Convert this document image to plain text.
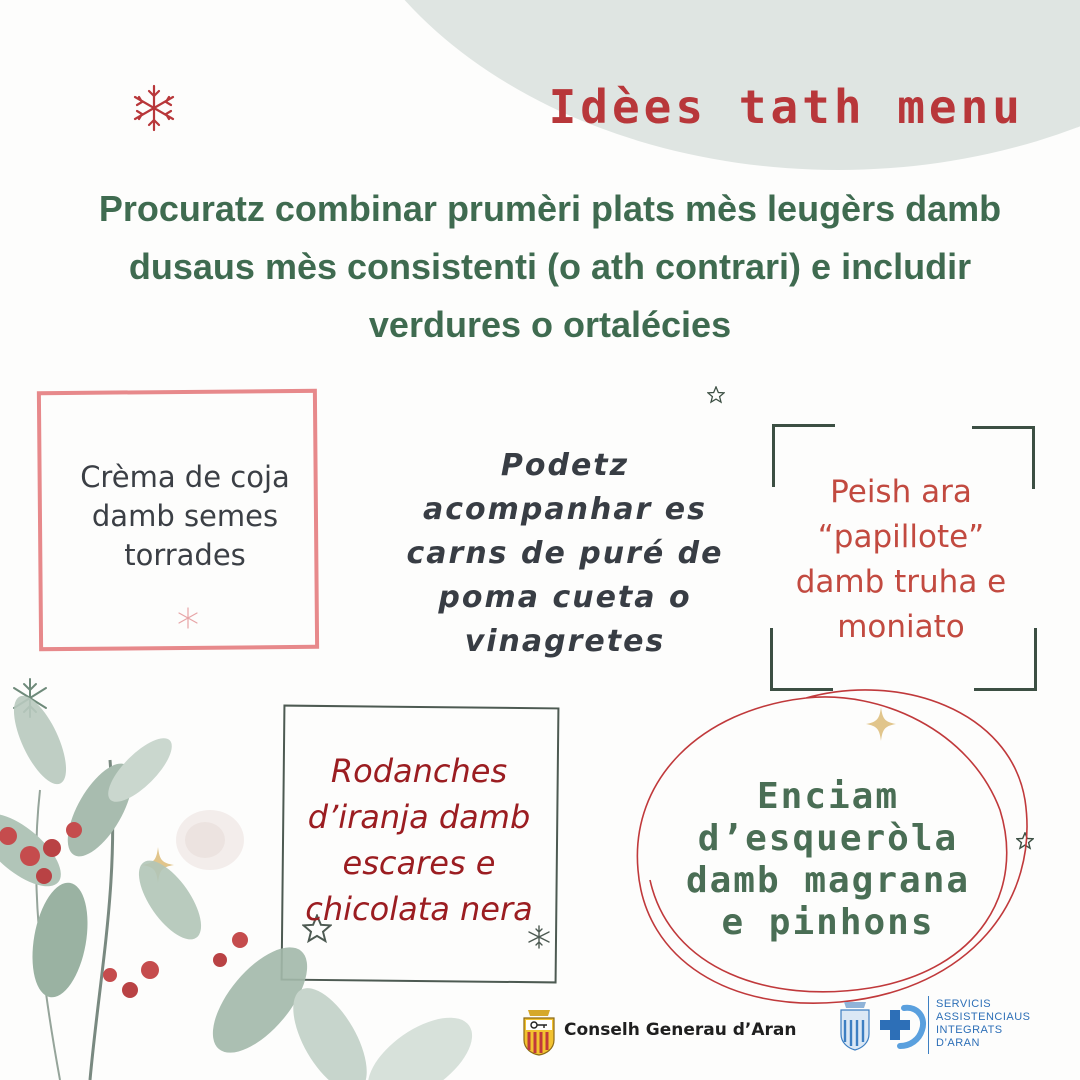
Idèes tath menu

Procuratz combinar prumèri plats mès leugèrs damb dusaus mès consistenti (o ath contrari) e includir verdures o ortalécies

Crèma de coja damb semes torrades

Podetz acompanhar es carns de puré de poma cueta o vinagretes

Peish ara “papillote” damb truha e moniato

Rodanches d’iranja damb escares e chicolata nera

Enciam d’esqueròla damb magrana e pinhons

Conselh Generau d’Aran
SERVICIS
ASSISTENCIAUS
INTEGRATS
D’ARAN
